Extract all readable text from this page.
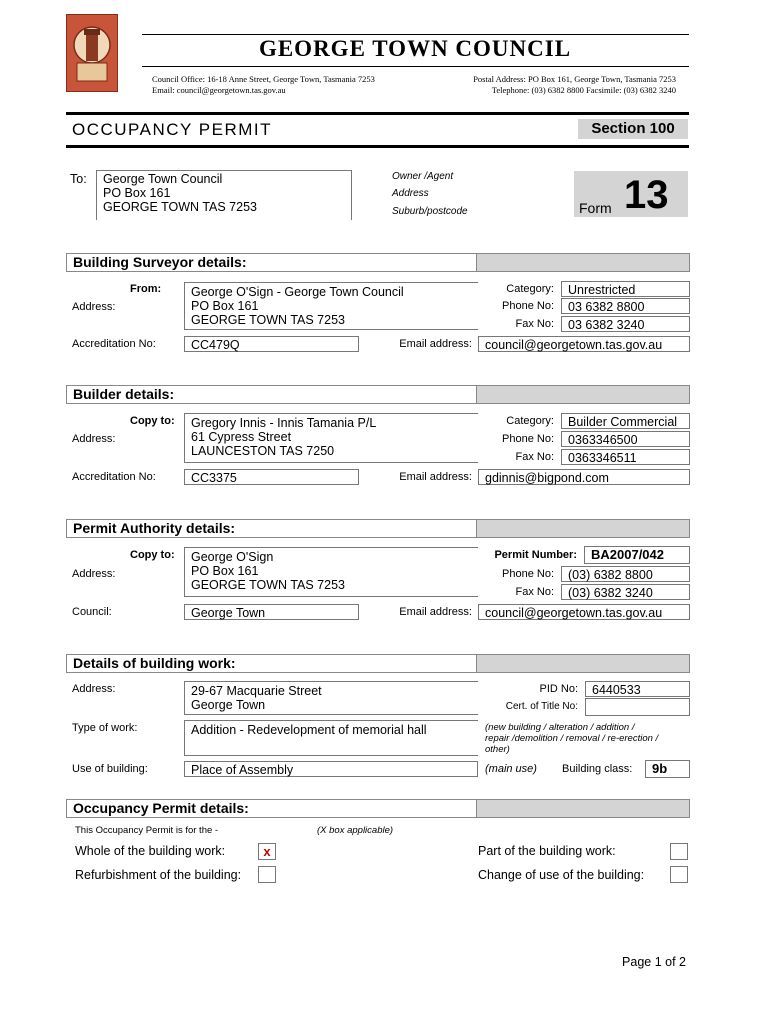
GEORGE TOWN COUNCIL
Council Office: 16-18 Anne Street, George Town, Tasmania 7253
Email: council@georgetown.tas.gov.au
Postal Address: PO Box 161, George Town, Tasmania 7253
Telephone: (03) 6382 8800 Facsimile: (03) 6382 3240
OCCUPANCY PERMIT	Section 100
To: George Town Council
PO Box 161
GEORGE TOWN TAS 7253
Owner /Agent
Address
Suburb/postcode	Form 13
Building Surveyor details:
From:
Address:
George O'Sign - George Town Council
PO Box 161
GEORGE TOWN TAS 7253
Category:	Unrestricted
Phone No:	03 6382 8800
Fax No:	03 6382 3240
Accreditation No:	CC479Q	Email address:	council@georgetown.tas.gov.au
Builder details:
Copy to:
Address:
Gregory Innis - Innis Tamania P/L
61 Cypress Street
LAUNCESTON TAS 7250
Category:	Builder Commercial
Phone No:	0363346500
Fax No:	0363346511
Accreditation No:	CC3375	Email address:	gdinnis@bigpond.com
Permit Authority details:
Copy to:
Address:
George O'Sign
PO Box 161
GEORGE TOWN TAS 7253
Permit Number:	BA2007/042
Phone No:	(03) 6382 8800
Fax No:	(03) 6382 3240
Council:	George Town	Email address:	council@georgetown.tas.gov.au
Details of building work:
Address:	29-67 Macquarie Street
George Town
PID No:	6440533
Cert. of Title No:
Type of work:	Addition - Redevelopment of memorial hall	(new building / alteration / addition /
repair /demolition / removal / re-erection /
other)
Use of building:	Place of Assembly	(main use) Building class:	9b
Occupancy Permit details:
This Occupancy Permit is for the -	(X box applicable)
Whole of the building work:	x	Part of the building work:
Refurbishment of the building:	Change of use of the building:
Page 1 of 2
